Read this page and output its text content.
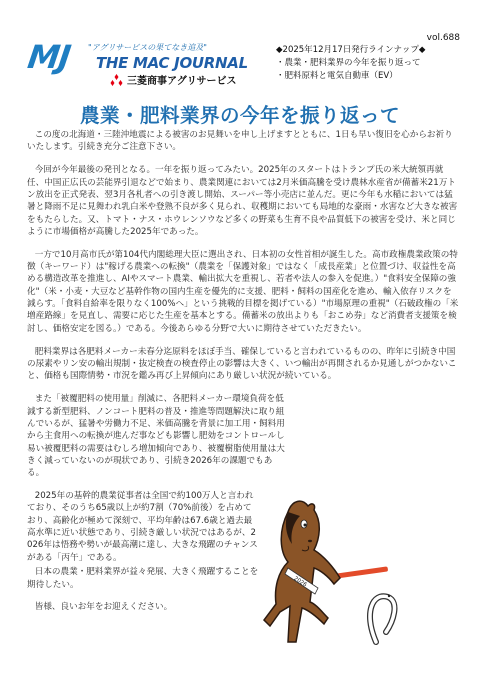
MJ "アグリサービスの果てなき追及"
THE MAC JOURNAL
三菱商事アグリサービス
vol.688
◆2025年12月17日発行ラインナップ◆
・農業・肥料業界の今年を振り返って
・肥料原料と電気自動車（EV）
農業・肥料業界の今年を振り返って

この度の北海道・三陸沖地震による被害のお見舞いを申し上げますとともに、1日も早い復旧を心からお祈りいたします。引続き充分ご注意下さい。

今回が今年最後の発刊となる。一年を振り返ってみたい。2025年のスタートはトランプ氏の米大統領再就任、中国正広氏の芸能界引退などで始まり、農業関連においては2月米価高騰を受け農林水産省が備蓄米21万トン放出を正式発表、翌3月各札者への引き渡し開始、スーパー等小売店に並んだ。更に今年も水稲においては猛暑と降雨不足に見舞われ乳白米や登熟不良が多く見られ、収穫期においても局地的な豪雨・水害など大きな被害をもたらした。又、トマト・ナス・ホウレンソウなど多くの野菜も生育不良や品質低下の被害を受け、米と同じように市場価格が高騰した2025年であった。

一方で10月高市氏が第104代内閣総理大臣に選出され、日本初の女性首相が誕生した。高市政権農業政策の特徴（キーワード）は"稼げる農業への転換"（農業を「保護対象」ではなく「成長産業」と位置づけ、収益性を高める構造改革を推進し、AIやスマート農業、輸出拡大を重視し、若者や法人の参入を促進。）"食料安全保障の強化"（米・小麦・大豆など基幹作物の国内生産を優先的に支援、肥料・飼料の国産化を進め、輸入依存リスクを減らす。「食料自給率を限りなく100%へ」という挑戦的目標を掲げている）"市場原理の重視"（石破政権の「米増産路線」を見直し、需要に応じた生産を基本とする。備蓄米の放出よりも「おこめ券」など消費者支援策を検討し、価格安定を図る。）である。今後あらゆる分野で大いに期待させていただきたい。

肥料業界は各肥料メーカー未春分迄原料をほぼ手当、確保していると言われているものの、昨年に引続き中国の尿素やリン安の輸出規制・抜定検査の検査停止の影響は大きく、いつ輸出が再開されるか見通しがつかないこと、価格も国際情勢・市況を鑑み再び上昇傾向にあり厳しい状況が続いている。

また「被覆肥料の使用量」削減に、各肥料メーカー環境負荷を低減する新型肥料、ノンコート肥料の普及・推進等問題解決に取り組んでいるが、猛暑や労働力不足、米価高騰を背景に加工用・飼料用から主食用への転換が進んだ事なども影響し肥効をコントロールし易い被覆肥料の需要はむしろ増加傾向であり、被覆樹脂使用量は大きく減っていないのが現状であり、引続き2026年の課題でもある。

2025年の基幹的農業従事者は全国で約100万人と言われており、そのうち65歳以上が約7割（70%前後）を占めており、高齢化が極めて深刻で、平均年齢は67.6歳と過去最高水準に近い状態であり、引続き厳しい状況ではあるが、2026年は悟務や勢いが最高潮に達し、大きな飛躍のチャンスがある「丙午」である。

日本の農業・肥料業界が益々発展、大きく飛躍することを期待したい。

皆様、良いお年をお迎えください。

2026
